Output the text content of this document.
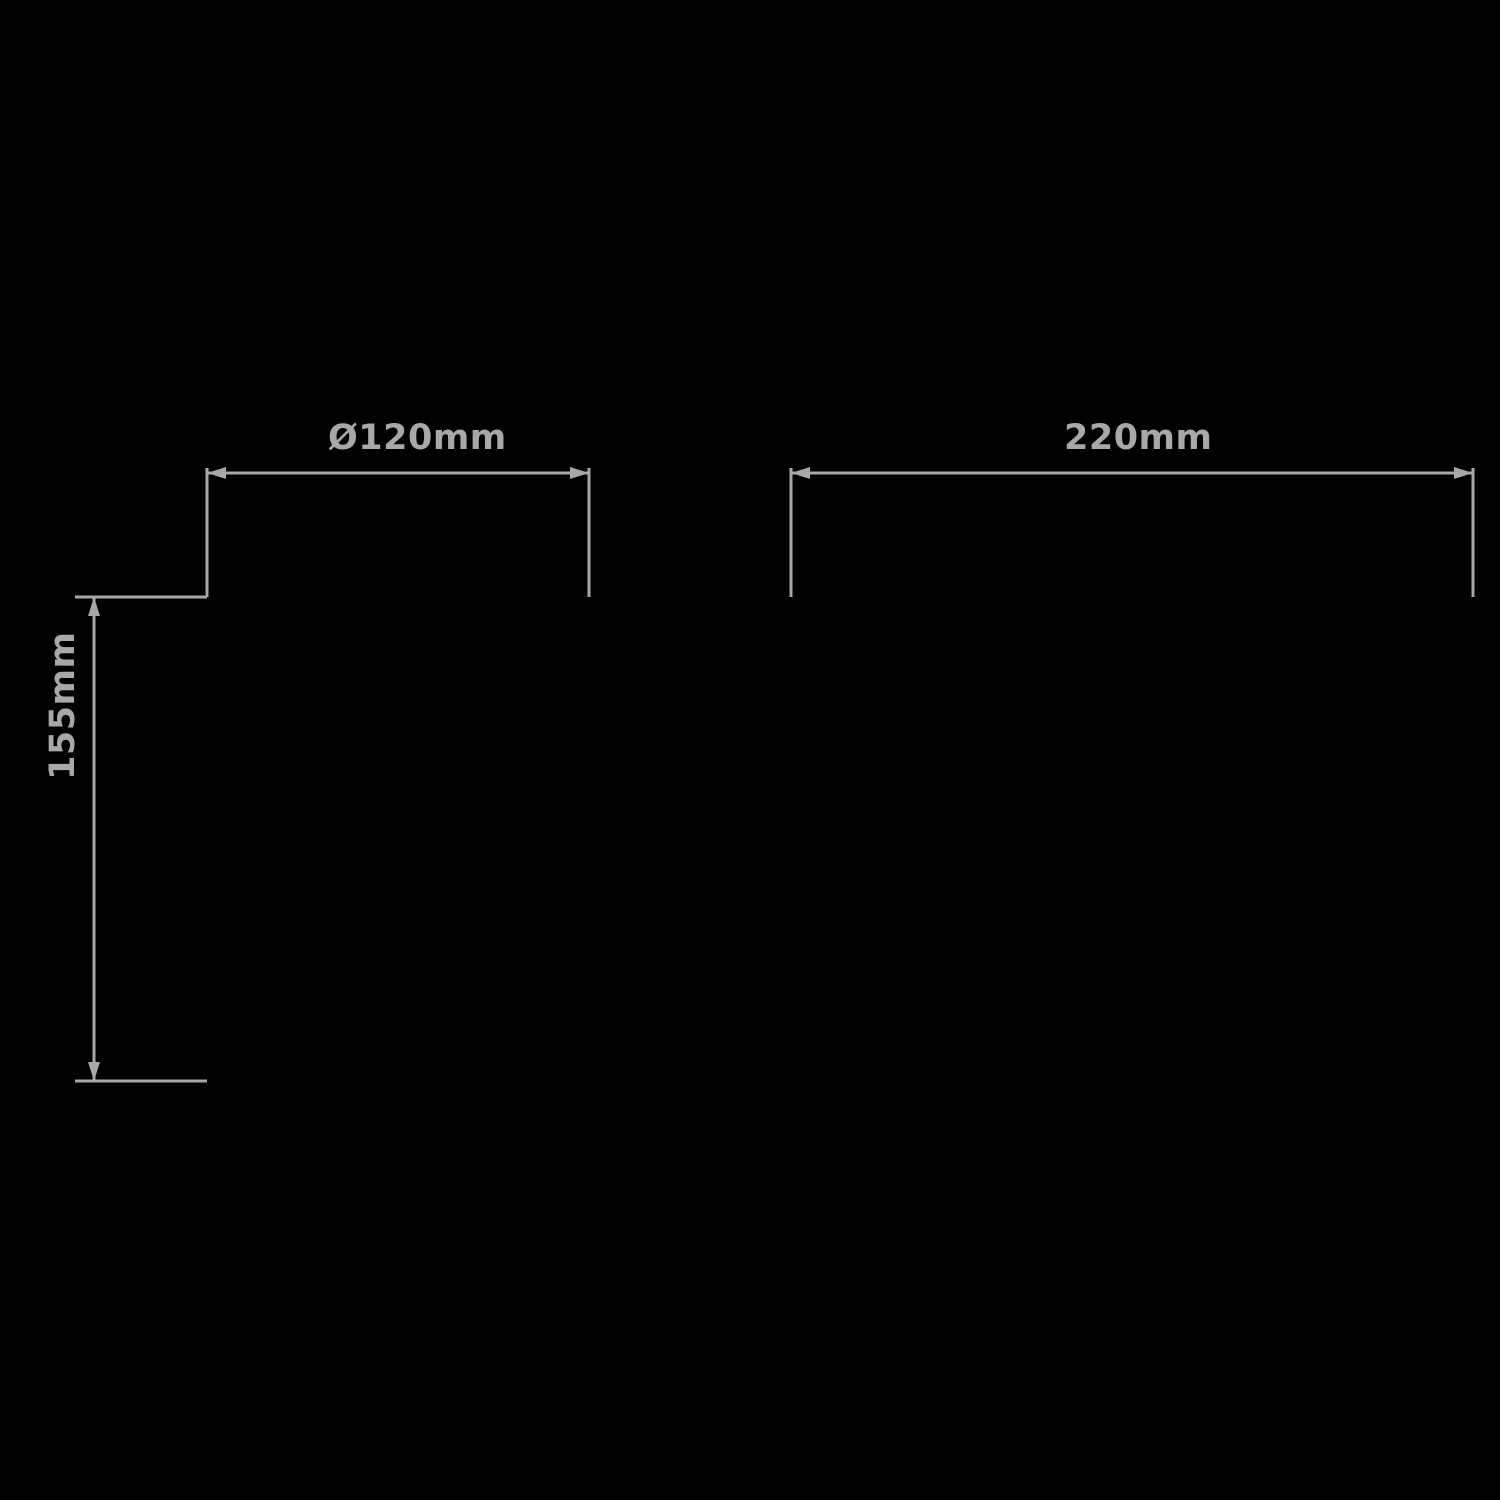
Ø120mm	220mm
155mm
